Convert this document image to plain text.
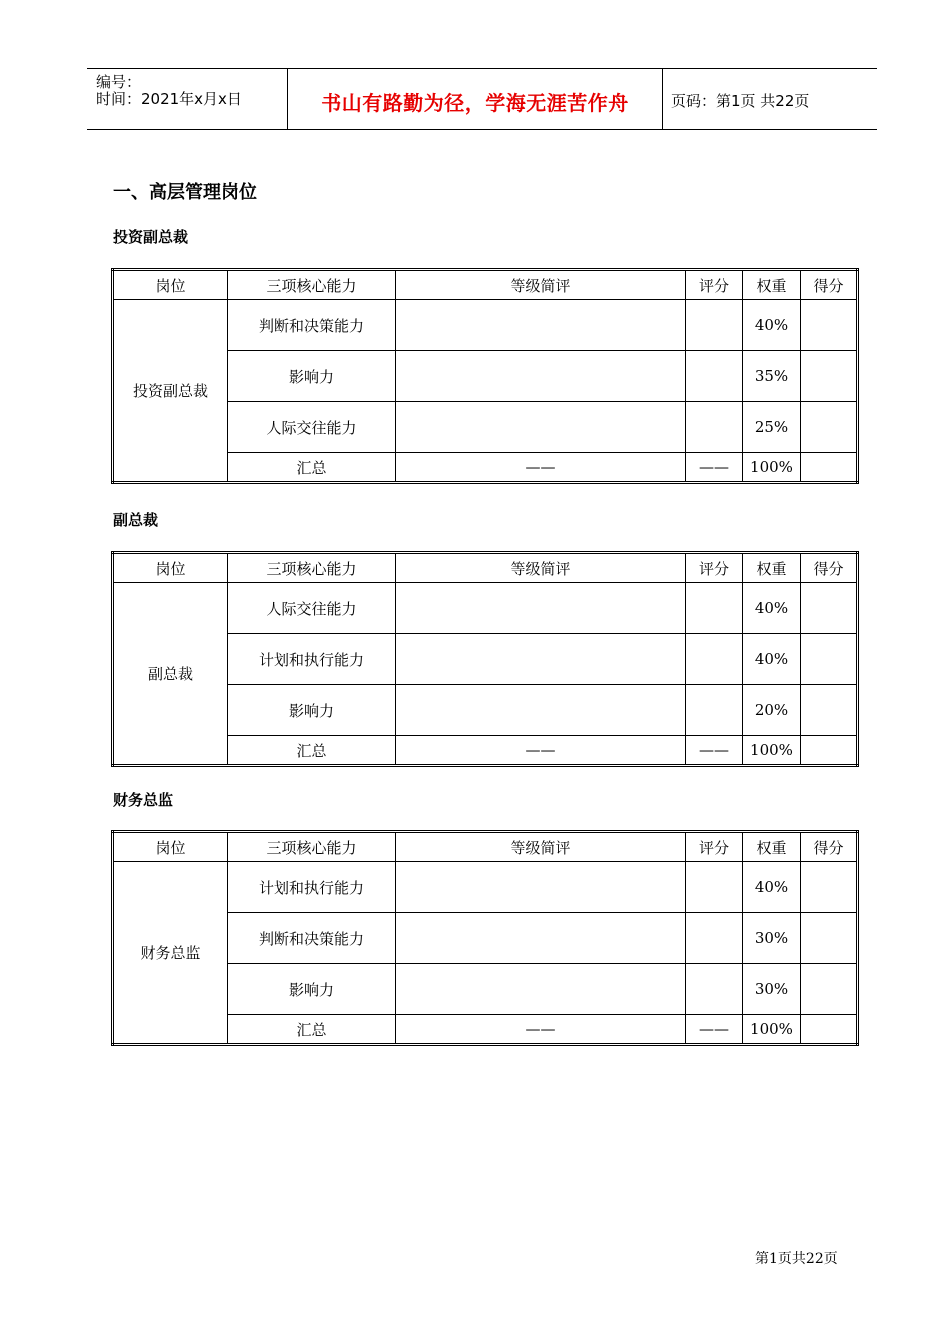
编号：
时间：2021年x月x日	书山有路勤为径，学海无涯苦作舟	页码：第1页 共22页
一、高层管理岗位
投资副总裁
岗位	三项核心能力	等级简评	评分	权重	得分
投资副总裁	判断和决策能力			40%	
	影响力			35%	
	人际交往能力			25%	
	汇总	——	——	100%	
副总裁
岗位	三项核心能力	等级简评	评分	权重	得分
副总裁	人际交往能力			40%	
	计划和执行能力			40%	
	影响力			20%	
	汇总	——	——	100%	
财务总监
岗位	三项核心能力	等级简评	评分	权重	得分
财务总监	计划和执行能力			40%	
	判断和决策能力			30%	
	影响力			30%	
	汇总	——	——	100%	
第1页共22页
